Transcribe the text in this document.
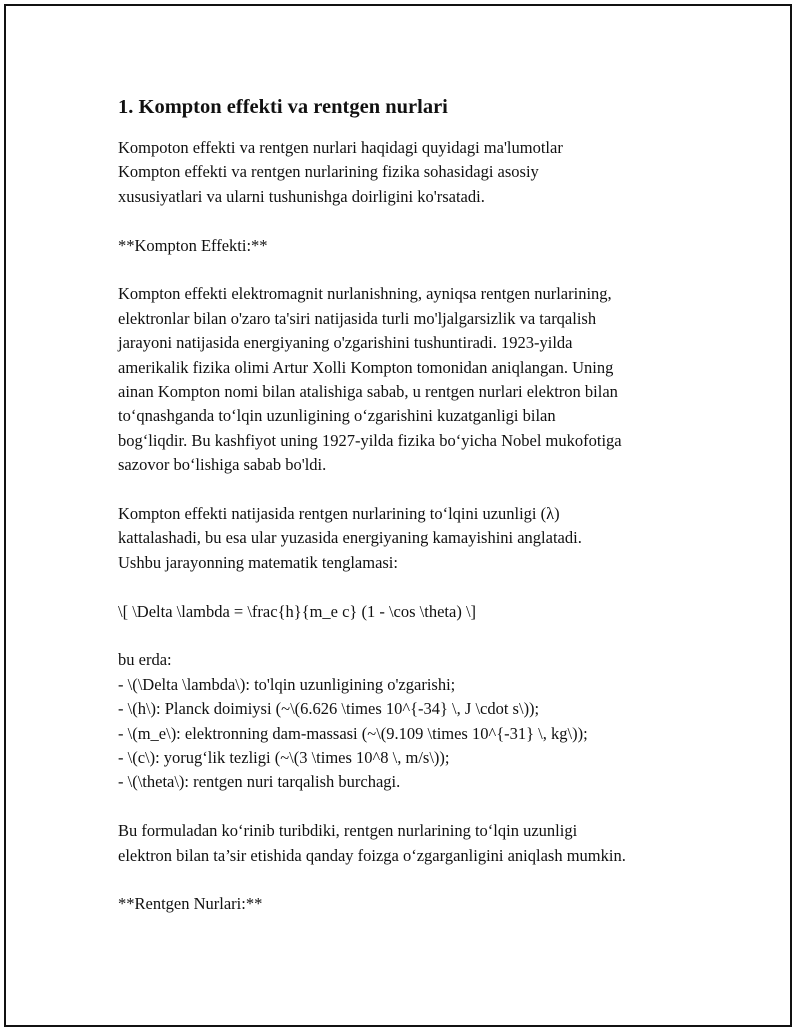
1. Kompton effekti va rentgen nurlari

Kompoton effekti va rentgen nurlari haqidagi quyidagi ma'lumotlar
Kompton effekti va rentgen nurlarining fizika sohasidagi asosiy
xususiyatlari va ularni tushunishga doirligini ko'rsatadi.

**Kompton Effekti:**

Kompton effekti elektromagnit nurlanishning, ayniqsa rentgen nurlarining,
elektronlar bilan o'zaro ta'siri natijasida turli mo'ljalgarsizlik va tarqalish
jarayoni natijasida energiyaning o'zgarishini tushuntiradi. 1923-yilda
amerikalik fizika olimi Artur Xolli Kompton tomonidan aniqlangan. Uning
ainan Kompton nomi bilan atalishiga sabab, u rentgen nurlari elektron bilan
to‘qnashganda to‘lqin uzunligining o‘zgarishini kuzatganligi bilan
bog‘liqdir. Bu kashfiyot uning 1927-yilda fizika bo‘yicha Nobel mukofotiga
sazovor bo‘lishiga sabab bo'ldi.

Kompton effekti natijasida rentgen nurlarining to‘lqini uzunligi (λ)
kattalashadi, bu esa ular yuzasida energiyaning kamayishini anglatadi.
Ushbu jarayonning matematik tenglamasi:

\[ \Delta \lambda = \frac{h}{m_e c} (1 - \cos \theta) \]

bu erda:
- \(\Delta \lambda\): to'lqin uzunligining o'zgarishi;
- \(h\): Planck doimiysi (~\(6.626 \times 10^{-34} \, J \cdot s\));
- \(m_e\): elektronning dam-massasi (~\(9.109 \times 10^{-31} \, kg\));
- \(c\): yorug‘lik tezligi (~\(3 \times 10^8 \, m/s\));
- \(\theta\): rentgen nuri tarqalish burchagi.

Bu formuladan ko‘rinib turibdiki, rentgen nurlarining to‘lqin uzunligi
elektron bilan ta’sir etishida qanday foizga o‘zgarganligini aniqlash mumkin.

**Rentgen Nurlari:**
